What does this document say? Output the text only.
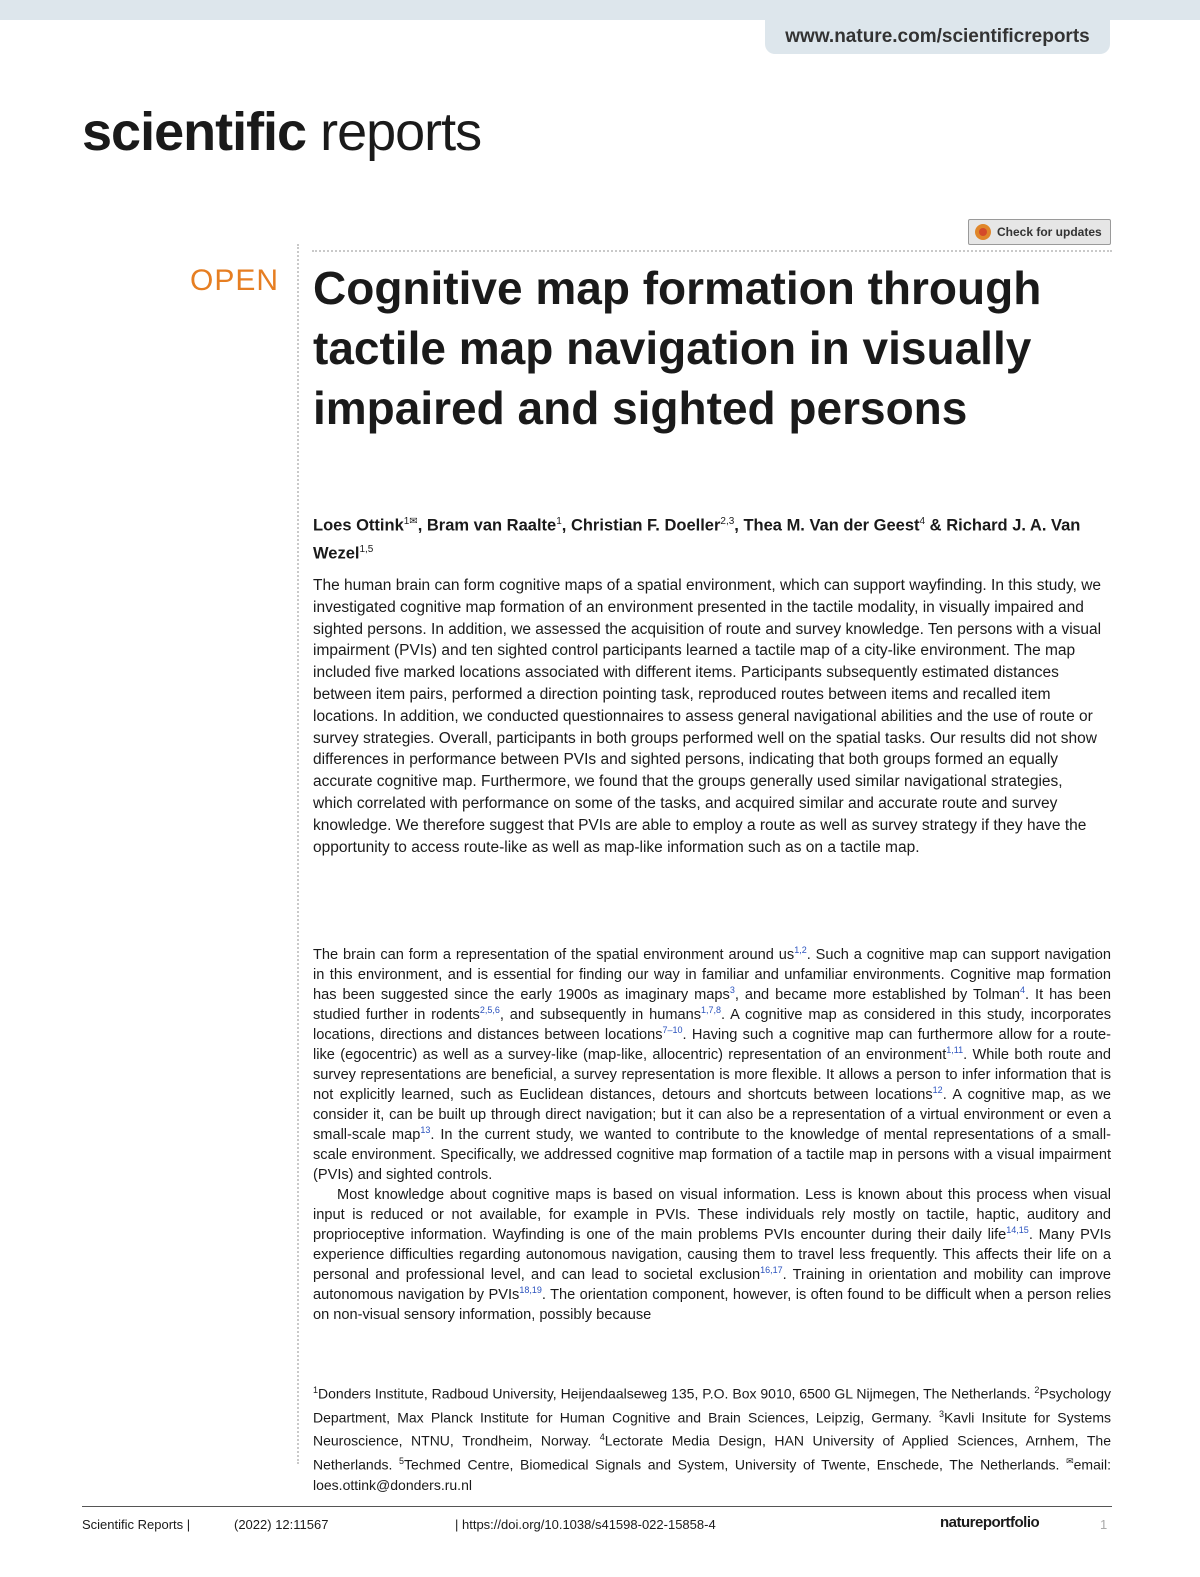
www.nature.com/scientificreports
scientific reports
Check for updates
OPEN Cognitive map formation through tactile map navigation in visually impaired and sighted persons
Loes Ottink$^{1✉}$, Bram van Raalte$^1$, Christian F. Doeller$^{2,3}$, Thea M. Van der Geest$^4$ & Richard J. A. Van Wezel$^{1,5}$
The human brain can form cognitive maps of a spatial environment, which can support wayfinding. In this study, we investigated cognitive map formation of an environment presented in the tactile modality, in visually impaired and sighted persons. In addition, we assessed the acquisition of route and survey knowledge. Ten persons with a visual impairment (PVIs) and ten sighted control participants learned a tactile map of a city-like environment. The map included five marked locations associated with different items. Participants subsequently estimated distances between item pairs, performed a direction pointing task, reproduced routes between items and recalled item locations. In addition, we conducted questionnaires to assess general navigational abilities and the use of route or survey strategies. Overall, participants in both groups performed well on the spatial tasks. Our results did not show differences in performance between PVIs and sighted persons, indicating that both groups formed an equally accurate cognitive map. Furthermore, we found that the groups generally used similar navigational strategies, which correlated with performance on some of the tasks, and acquired similar and accurate route and survey knowledge. We therefore suggest that PVIs are able to employ a route as well as survey strategy if they have the opportunity to access route-like as well as map-like information such as on a tactile map.

The brain can form a representation of the spatial environment around us$^{1,2}$. Such a cognitive map can support navigation in this environment, and is essential for finding our way in familiar and unfamiliar environments. Cognitive map formation has been suggested since the early 1900s as imaginary maps$^3$, and became more established by Tolman$^4$. It has been studied further in rodents$^{2,5,6}$, and subsequently in humans$^{1,7,8}$. A cognitive map as considered in this study, incorporates locations, directions and distances between locations$^{7-10}$. Having such a cognitive map can furthermore allow for a route-like (egocentric) as well as a survey-like (map-like, allocentric) representation of an environment$^{1,11}$. While both route and survey representations are beneficial, a survey representation is more flexible. It allows a person to infer information that is not explicitly learned, such as Euclidean distances, detours and shortcuts between locations$^{12}$. A cognitive map, as we consider it, can be built up through direct navigation; but it can also be a representation of a virtual environment or even a small-scale map$^{13}$. In the current study, we wanted to contribute to the knowledge of mental representations of a small-scale environment. Specifically, we addressed cognitive map formation of a tactile map in persons with a visual impairment (PVIs) and sighted controls.

Most knowledge about cognitive maps is based on visual information. Less is known about this process when visual input is reduced or not available, for example in PVIs. These individuals rely mostly on tactile, haptic, auditory and proprioceptive information. Wayfinding is one of the main problems PVIs encounter during their daily life$^{14,15}$. Many PVIs experience difficulties regarding autonomous navigation, causing them to travel less frequently. This affects their life on a personal and professional level, and can lead to societal exclusion$^{16,17}$. Training in orientation and mobility can improve autonomous navigation by PVIs$^{18,19}$. The orientation component, however, is often found to be difficult when a person relies on non-visual sensory information, possibly because

$^1$Donders Institute, Radboud University, Heijendaalseweg 135, P.O. Box 9010, 6500 GL Nijmegen, The Netherlands. $^2$Psychology Department, Max Planck Institute for Human Cognitive and Brain Sciences, Leipzig, Germany. $^3$Kavli Insitute for Systems Neuroscience, NTNU, Trondheim, Norway. $^4$Lectorate Media Design, HAN University of Applied Sciences, Arnhem, The Netherlands. $^5$Techmed Centre, Biomedical Signals and System, University of Twente, Enschede, The Netherlands. ✉email: loes.ottink@donders.ru.nl
Scientific Reports |	(2022) 12:11567	| https://doi.org/10.1038/s41598-022-15858-4	natureportfolio	1
